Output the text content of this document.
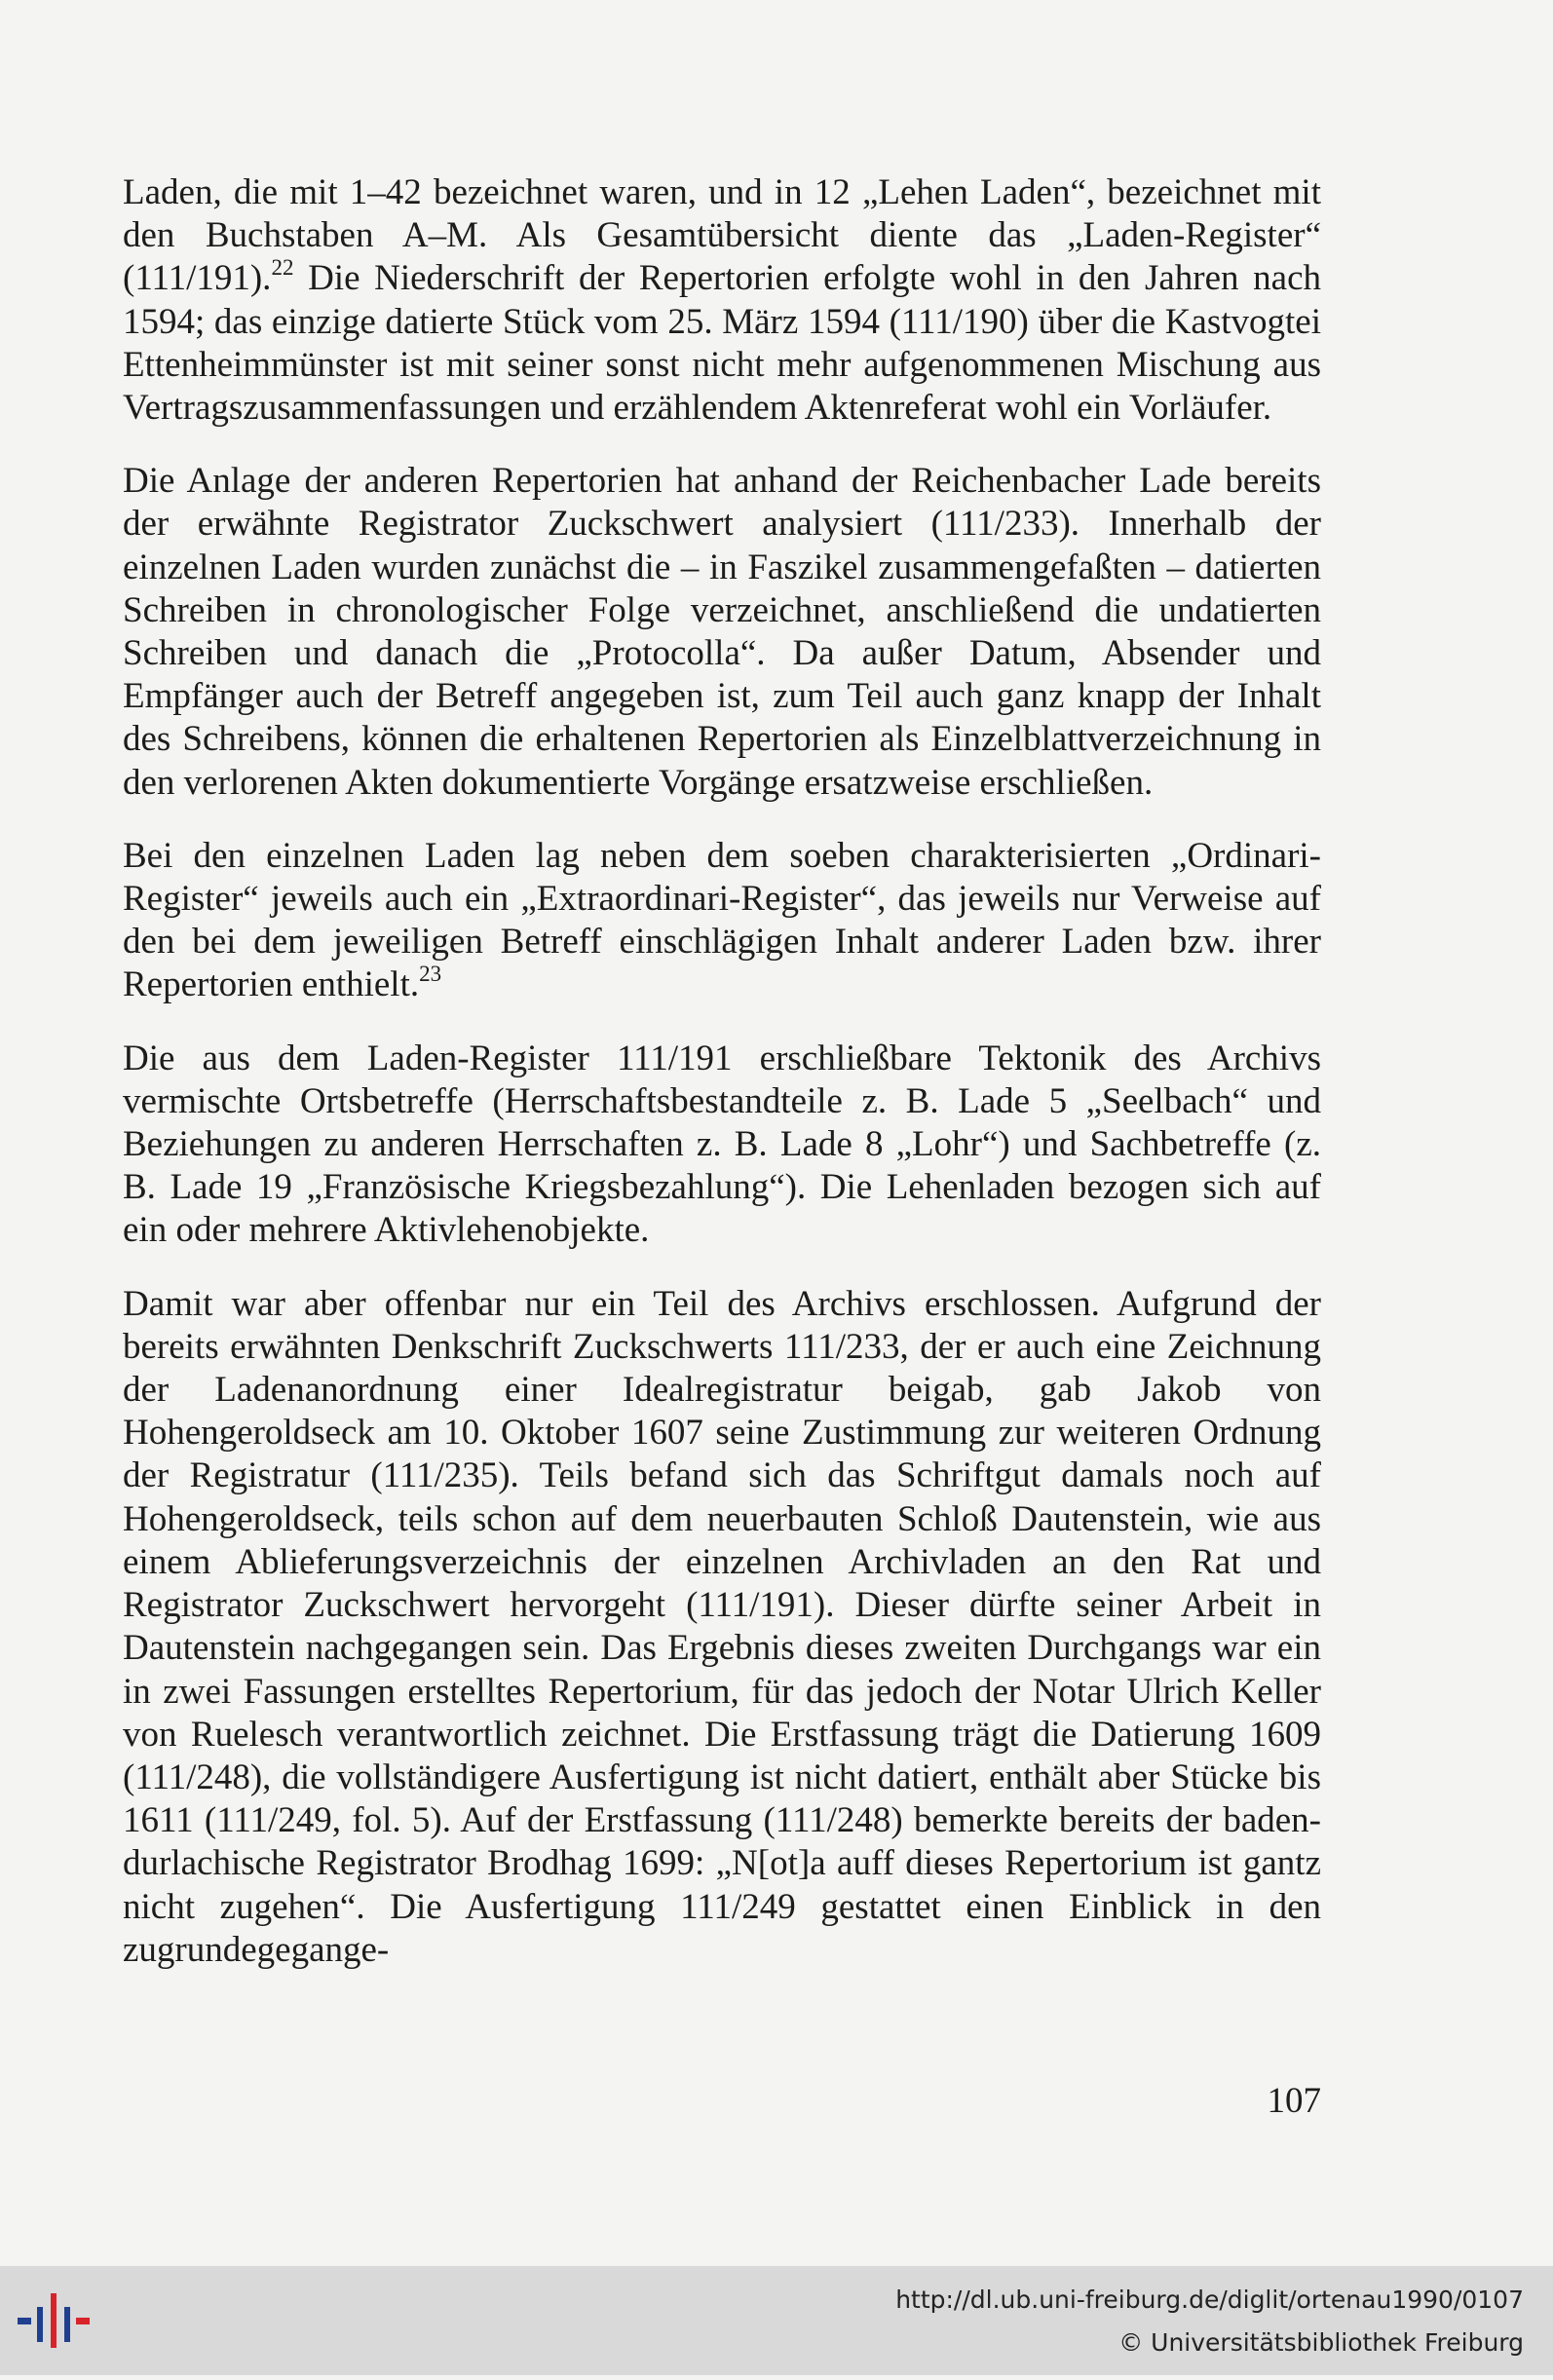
Laden, die mit 1–42 bezeichnet waren, und in 12 „Lehen Laden“, bezeichnet mit den Buchstaben A–M. Als Gesamtübersicht diente das „Laden-Register“ (111/191).$^{22}$ Die Niederschrift der Repertorien erfolgte wohl in den Jahren nach 1594; das einzige datierte Stück vom 25. März 1594 (111/190) über die Kastvogtei Ettenheimmünster ist mit seiner sonst nicht mehr aufgenommenen Mischung aus Vertragszusammenfassungen und erzählendem Aktenreferat wohl ein Vorläufer.

Die Anlage der anderen Repertorien hat anhand der Reichenbacher Lade bereits der erwähnte Registrator Zuckschwert analysiert (111/233). Innerhalb der einzelnen Laden wurden zunächst die – in Faszikel zusammengefaßten – datierten Schreiben in chronologischer Folge verzeichnet, anschließend die undatierten Schreiben und danach die „Protocolla“. Da außer Datum, Absender und Empfänger auch der Betreff angegeben ist, zum Teil auch ganz knapp der Inhalt des Schreibens, können die erhaltenen Repertorien als Einzelblattverzeichnung in den verlorenen Akten dokumentierte Vorgänge ersatzweise erschließen.

Bei den einzelnen Laden lag neben dem soeben charakterisierten „Ordinari-Register“ jeweils auch ein „Extraordinari-Register“, das jeweils nur Verweise auf den bei dem jeweiligen Betreff einschlägigen Inhalt anderer Laden bzw. ihrer Repertorien enthielt.$^{23}$

Die aus dem Laden-Register 111/191 erschließbare Tektonik des Archivs vermischte Ortsbetreffe (Herrschaftsbestandteile z. B. Lade 5 „Seelbach“ und Beziehungen zu anderen Herrschaften z. B. Lade 8 „Lohr“) und Sachbetreffe (z. B. Lade 19 „Französische Kriegsbezahlung“). Die Lehenladen bezogen sich auf ein oder mehrere Aktivlehenobjekte.

Damit war aber offenbar nur ein Teil des Archivs erschlossen. Aufgrund der bereits erwähnten Denkschrift Zuckschwerts 111/233, der er auch eine Zeichnung der Ladenanordnung einer Idealregistratur beigab, gab Jakob von Hohengeroldseck am 10. Oktober 1607 seine Zustimmung zur weiteren Ordnung der Registratur (111/235). Teils befand sich das Schriftgut damals noch auf Hohengeroldseck, teils schon auf dem neuerbauten Schloß Dautenstein, wie aus einem Ablieferungsverzeichnis der einzelnen Archivladen an den Rat und Registrator Zuckschwert hervorgeht (111/191). Dieser dürfte seiner Arbeit in Dautenstein nachgegangen sein. Das Ergebnis dieses zweiten Durchgangs war ein in zwei Fassungen erstelltes Repertorium, für das jedoch der Notar Ulrich Keller von Ruelesch verantwortlich zeichnet. Die Erstfassung trägt die Datierung 1609 (111/248), die vollständigere Ausfertigung ist nicht datiert, enthält aber Stücke bis 1611 (111/249, fol. 5). Auf der Erstfassung (111/248) bemerkte bereits der baden-durlachische Registrator Brodhag 1699: „N[ot]a auff dieses Repertorium ist gantz nicht zugehen“. Die Ausfertigung 111/249 gestattet einen Einblick in den zugrundegegange-

107
http://dl.ub.uni-freiburg.de/diglit/ortenau1990/0107
© Universitätsbibliothek Freiburg
